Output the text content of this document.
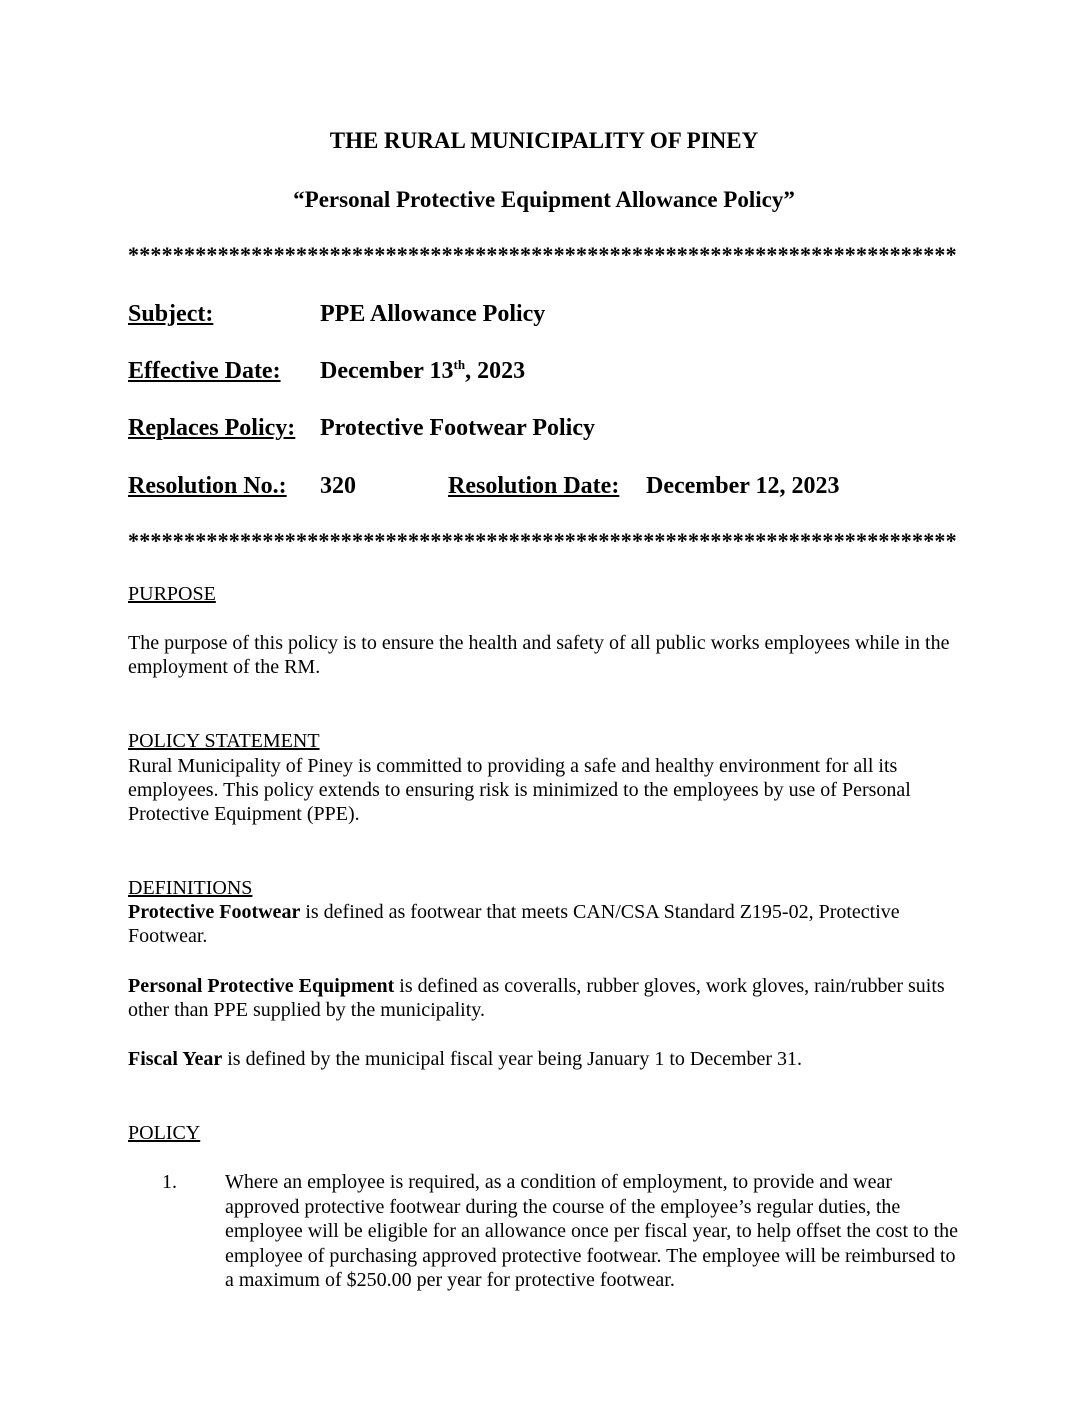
THE RURAL MUNICIPALITY OF PINEY
“Personal Protective Equipment Allowance Policy”
**************************************************************************
Subject:	PPE Allowance Policy
Effective Date: December 13th, 2023
Replaces Policy: Protective Footwear Policy
Resolution No.: 320	Resolution Date: December 12, 2023
**************************************************************************
PURPOSE
The purpose of this policy is to ensure the health and safety of all public works employees while in the employment of the RM.
POLICY STATEMENT
Rural Municipality of Piney is committed to providing a safe and healthy environment for all its employees. This policy extends to ensuring risk is minimized to the employees by use of Personal Protective Equipment (PPE).
DEFINITIONS
Protective Footwear is defined as footwear that meets CAN/CSA Standard Z195-02, Protective Footwear.
Personal Protective Equipment is defined as coveralls, rubber gloves, work gloves, rain/rubber suits other than PPE supplied by the municipality.
Fiscal Year is defined by the municipal fiscal year being January 1 to December 31.
POLICY
1. Where an employee is required, as a condition of employment, to provide and wear approved protective footwear during the course of the employee’s regular duties, the employee will be eligible for an allowance once per fiscal year, to help offset the cost to the employee of purchasing approved protective footwear. The employee will be reimbursed to a maximum of $250.00 per year for protective footwear.
